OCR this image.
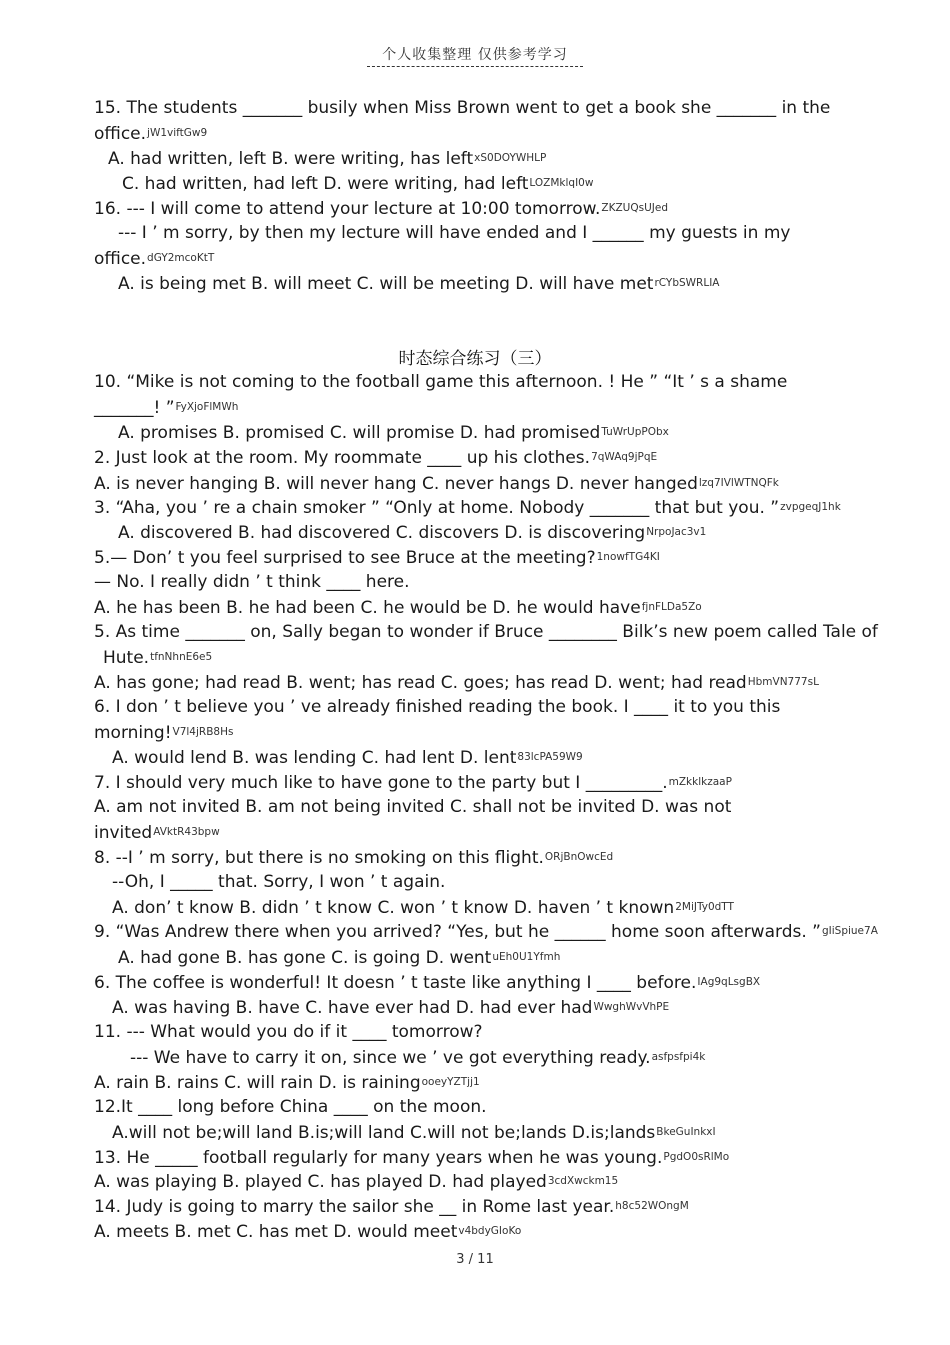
个人收集整理 仅供参考学习
15. The students _______ busily when Miss Brown went to get a book she _______ in the
office.jW1viftGw9
A. had written, left B. were writing, has leftxS0DOYWHLP
C. had written, had left D. were writing, had leftLOZMklqI0w
16. --- I will come to attend your lecture at 10:00 tomorrow.ZKZUQsUJed
--- I ’ m sorry, by then my lecture will have ended and I ______ my guests in my
office.dGY2mcoKtT
A. is being met B. will meet C. will be meeting D. will have metrCYbSWRLIA
时态综合练习（三）
10. “Mike is not coming to the football game this afternoon. ! He ” “It ’ s a shame
_______! ”FyXjoFlMWh
A. promises B. promised C. will promise D. had promisedTuWrUpPObx
2. Just look at the room. My roommate ____ up his clothes.7qWAq9jPqE
A. is never hanging B. will never hang C. never hangs D. never hangedlzq7IVlWTNQFk
3. “Aha, you ’ re a chain smoker ” “Only at home. Nobody _______ that but you. ”zvpgeqJ1hk
A. discovered B. had discovered C. discovers D. is discoveringNrpoJac3v1
5.— Don’ t you feel surprised to see Bruce at the meeting?1nowfTG4KI
— No. I really didn ’ t think ____ here.
A. he has been B. he had been C. he would be D. he would havefjnFLDa5Zo
5. As time _______ on, Sally began to wonder if Bruce ________ Bilk’s new poem called Tale of
Hute.tfnNhnE6e5
A. has gone; had read B. went; has read C. goes; has read D. went; had readHbmVN777sL
6. I don ’ t believe you ’ ve already finished reading the book. I ____ it to you this
morning!V7l4jRB8Hs
A. would lend B. was lending C. had lent D. lent83lcPA59W9
7. I should very much like to have gone to the party but I _________.mZkklkzaaP
A. am not invited B. am not being invited C. shall not be invited D. was not
invitedAVktR43bpw
8. --I ’ m sorry, but there is no smoking on this flight.ORjBnOwcEd
--Oh, I _____ that. Sorry, I won ’ t again.
A. don’ t know B. didn ’ t know C. won ’ t know D. haven ’ t known2MiJTy0dTT
9. “Was Andrew there when you arrived? “Yes, but he ______ home soon afterwards. ”gIiSpiue7A
A. had gone B. has gone C. is going D. wentuEh0U1Yfmh
6. The coffee is wonderful! It doesn ’ t taste like anything I ____ before.IAg9qLsgBX
A. was having B. have C. have ever had D. had ever hadWwghWvVhPE
11. --- What would you do if it ____ tomorrow?
--- We have to carry it on, since we ’ ve got everything ready.asfpsfpi4k
A. rain B. rains C. will rain D. is rainingooeyYZTjj1
12.It ____ long before China ____ on the moon.
A.will not be;will land B.is;will land C.will not be;lands D.is;landsBkeGuInkxI
13. He _____ football regularly for many years when he was young.PgdO0sRlMo
A. was playing B. played C. has played D. had played3cdXwckm15
14. Judy is going to marry the sailor she __ in Rome last year.h8c52WOngM
A. meets B. met C. has met D. would meetv4bdyGIoKo
3 / 11
